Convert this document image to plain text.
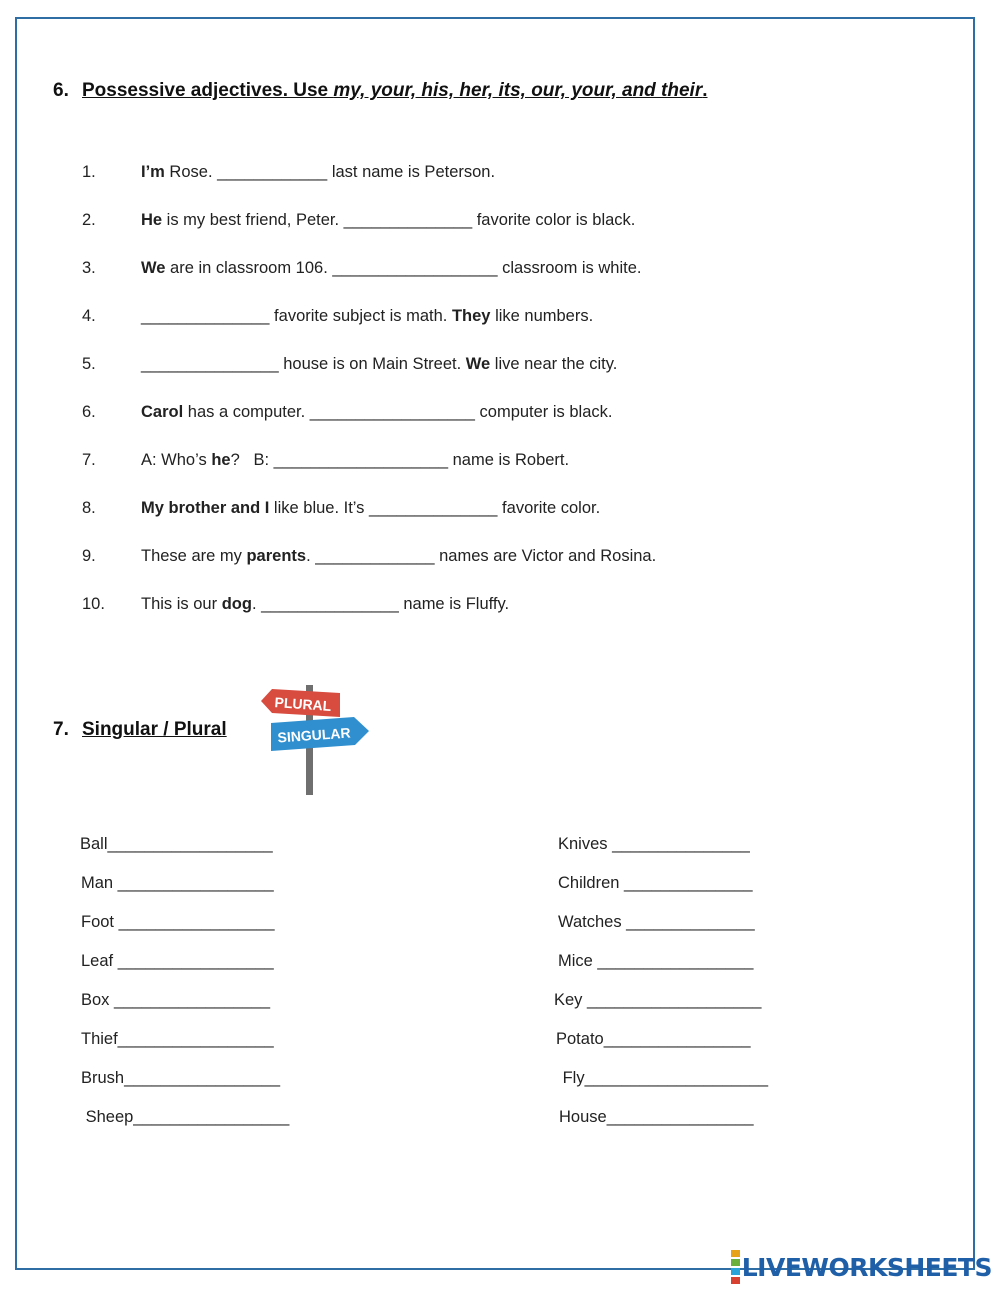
6. Possessive adjectives. Use my, your, his, her, its, our, your, and their.
1.	I’m Rose. ____________ last name is Peterson.
2.	He is my best friend, Peter. ______________ favorite color is black.
3.	We are in classroom 106. __________________ classroom is white.
4.	______________ favorite subject is math. They like numbers.
5.	_______________ house is on Main Street. We live near the city.
6.	Carol has a computer. __________________ computer is black.
7.	A: Who’s he?   B: ___________________ name is Robert.
8.	My brother and I like blue. It’s ______________ favorite color.
9.	These are my parents. _____________ names are Victor and Rosina.
10. This is our dog. _______________ name is Fluffy.
7. Singular / Plural
PLURAL
SINGULAR
Ball__________________
Man _________________
Foot _________________
Leaf _________________
Box _________________
Thief_________________
Brush_________________
Sheep_________________
Knives _______________
Children ______________
Watches ______________
Mice _________________
Key ___________________
Potato________________
Fly____________________
House________________
LIVEWORKSHEETS
